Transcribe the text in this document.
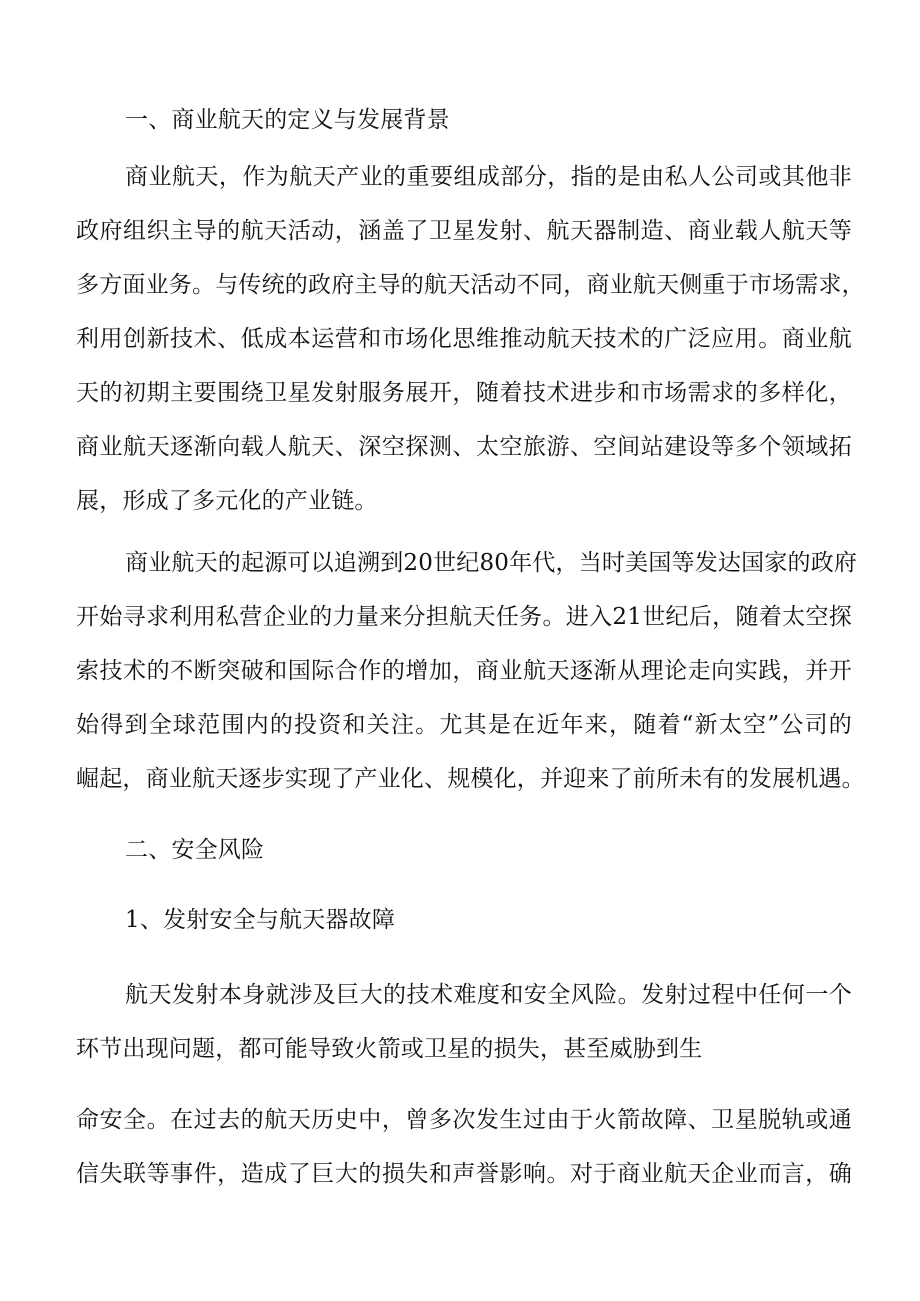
一、商业航天的定义与发展背景
商业航天，作为航天产业的重要组成部分，指的是由私人公司或其他非
政府组织主导的航天活动，涵盖了卫星发射、航天器制造、商业载人航天等
多方面业务。与传统的政府主导的航天活动不同，商业航天侧重于市场需求，
利用创新技术、低成本运营和市场化思维推动航天技术的广泛应用。商业航
天的初期主要围绕卫星发射服务展开，随着技术进步和市场需求的多样化，
商业航天逐渐向载人航天、深空探测、太空旅游、空间站建设等多个领域拓
展，形成了多元化的产业链。
商业航天的起源可以追溯到20世纪80年代，当时美国等发达国家的政府
开始寻求利用私营企业的力量来分担航天任务。进入21世纪后，随着太空探
索技术的不断突破和国际合作的增加，商业航天逐渐从理论走向实践，并开
始得到全球范围内的投资和关注。尤其是在近年来，随着“新太空”公司的
崛起，商业航天逐步实现了产业化、规模化，并迎来了前所未有的发展机遇。
二、安全风险
1、发射安全与航天器故障
航天发射本身就涉及巨大的技术难度和安全风险。发射过程中任何一个
环节出现问题，都可能导致火箭或卫星的损失，甚至威胁到生
命安全。在过去的航天历史中，曾多次发生过由于火箭故障、卫星脱轨或通
信失联等事件，造成了巨大的损失和声誉影响。对于商业航天企业而言，确
